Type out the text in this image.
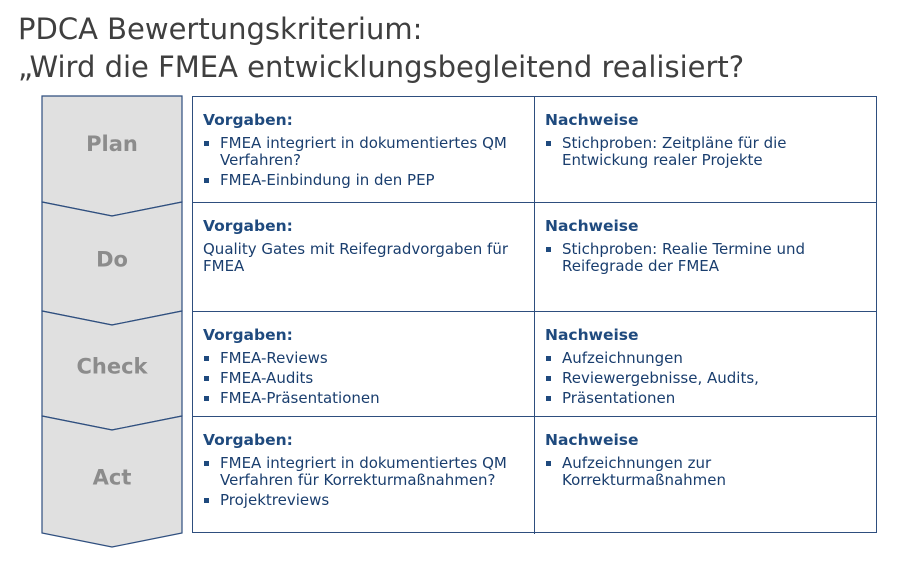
PDCA Bewertungskriterium:
„Wird die FMEA entwicklungsbegleitend realisiert?
Plan
Do
Check
Act
Vorgaben:
FMEA integriert in dokumentiertes QM Verfahren?
FMEA-Einbindung in den PEP
Nachweise
Stichproben: Zeitpläne für die Entwickung realer Projekte
Vorgaben:
Quality Gates mit Reifegradvorgaben für FMEA
Nachweise
Stichproben: Realie Termine und Reifegrade der FMEA
Vorgaben:
FMEA-Reviews
FMEA-Audits
FMEA-Präsentationen
Nachweise
Aufzeichnungen
Reviewergebnisse, Audits,
Präsentationen
Vorgaben:
FMEA integriert in dokumentiertes QM Verfahren für Korrekturmaßnahmen?
Projektreviews
Nachweise
Aufzeichnungen zur Korrekturmaßnahmen
